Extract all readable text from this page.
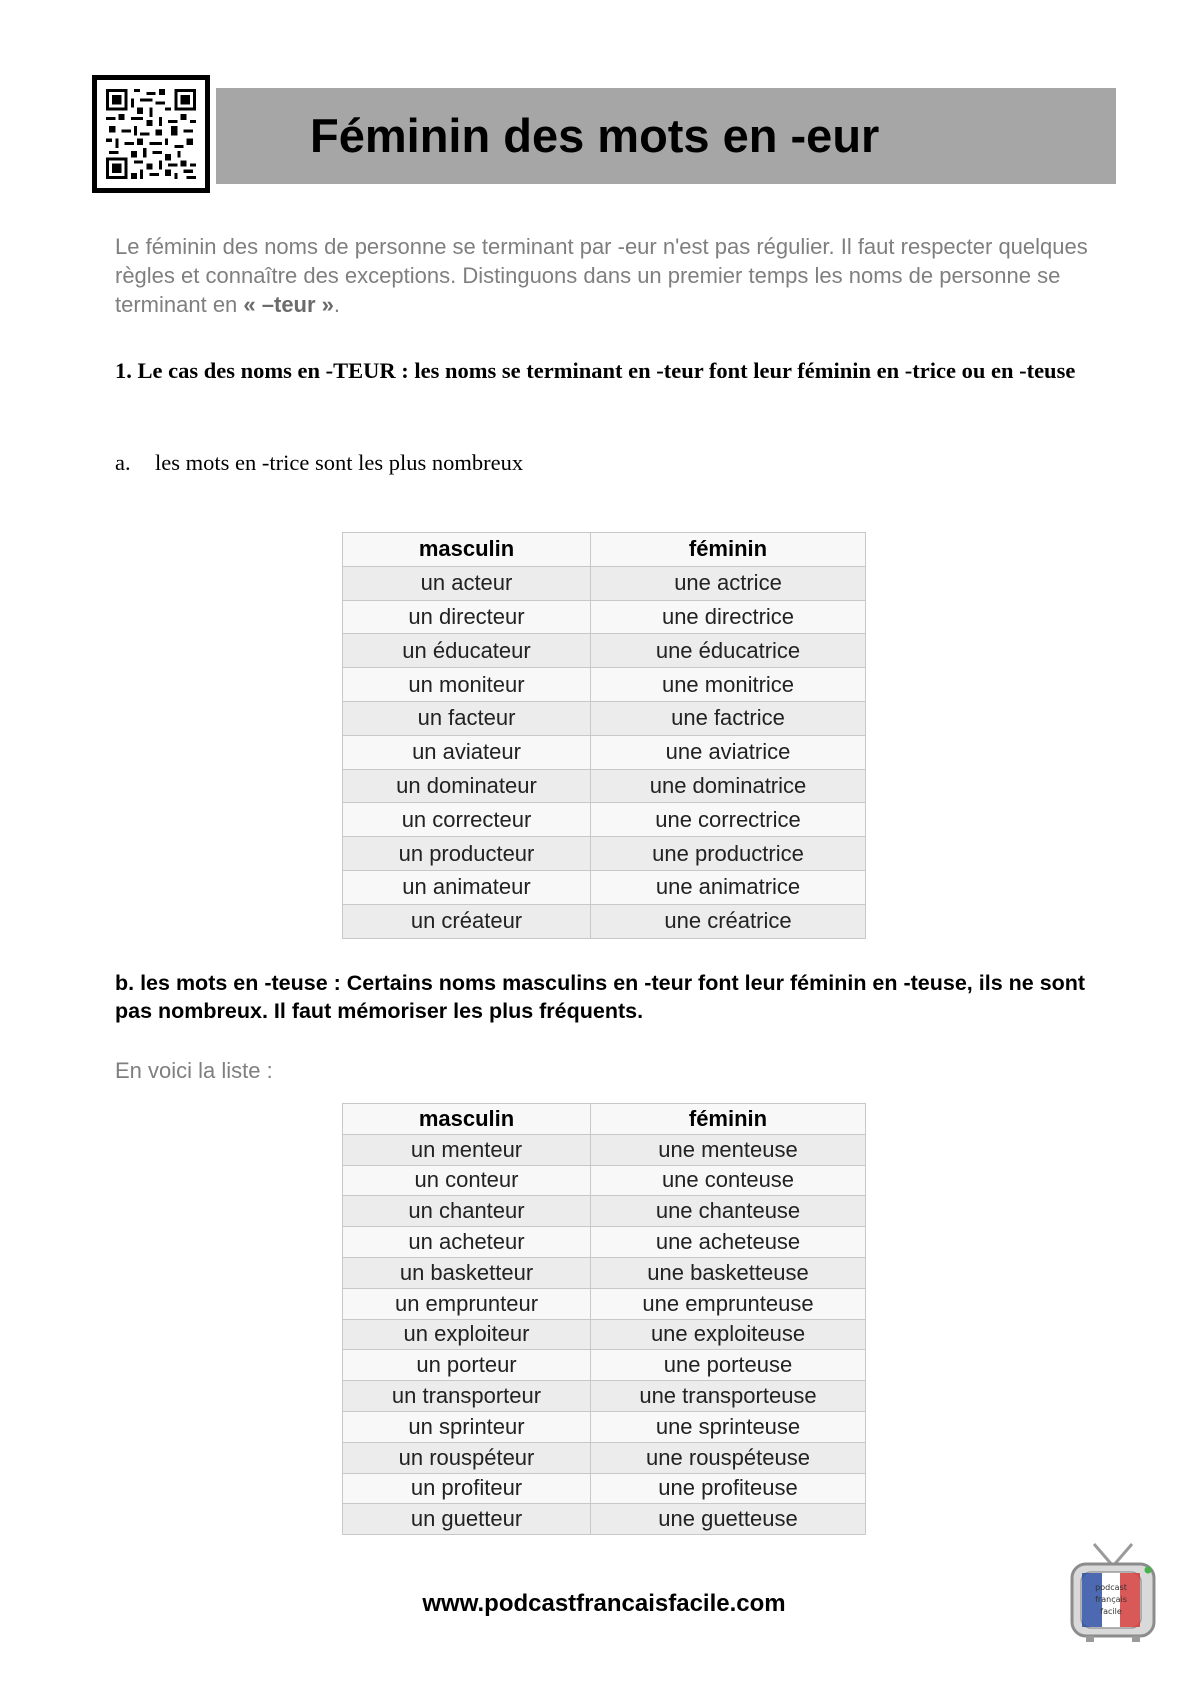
Féminin des mots en -eur

Le féminin des noms de personne se terminant par -eur n'est pas régulier. Il faut respecter quelques règles et connaître des exceptions. Distinguons dans un premier temps les noms de personne se terminant en « –teur ».

1. Le cas des noms en -TEUR : les noms se terminant en -teur font leur féminin en -trice ou en -teuse

a. les mots en -trice sont les plus nombreux

masculin	féminin
un acteur	une actrice
un directeur	une directrice
un éducateur	une éducatrice
un moniteur	une monitrice
un facteur	une factrice
un aviateur	une aviatrice
un dominateur	une dominatrice
un correcteur	une correctrice
un producteur	une productrice
un animateur	une animatrice
un créateur	une créatrice

b. les mots en -teuse : Certains noms masculins en -teur font leur féminin en -teuse, ils ne sont pas nombreux. Il faut mémoriser les plus fréquents.

En voici la liste :

masculin	féminin
un menteur	une menteuse
un conteur	une conteuse
un chanteur	une chanteuse
un acheteur	une acheteuse
un basketteur	une basketteuse
un emprunteur	une emprunteuse
un exploiteur	une exploiteuse
un porteur	une porteuse
un transporteur	une transporteuse
un sprinteur	une sprinteuse
un rouspéteur	une rouspéteuse
un profiteur	une profiteuse
un guetteur	une guetteuse

www.podcastfrancaisfacile.com

podcast
français
facile
